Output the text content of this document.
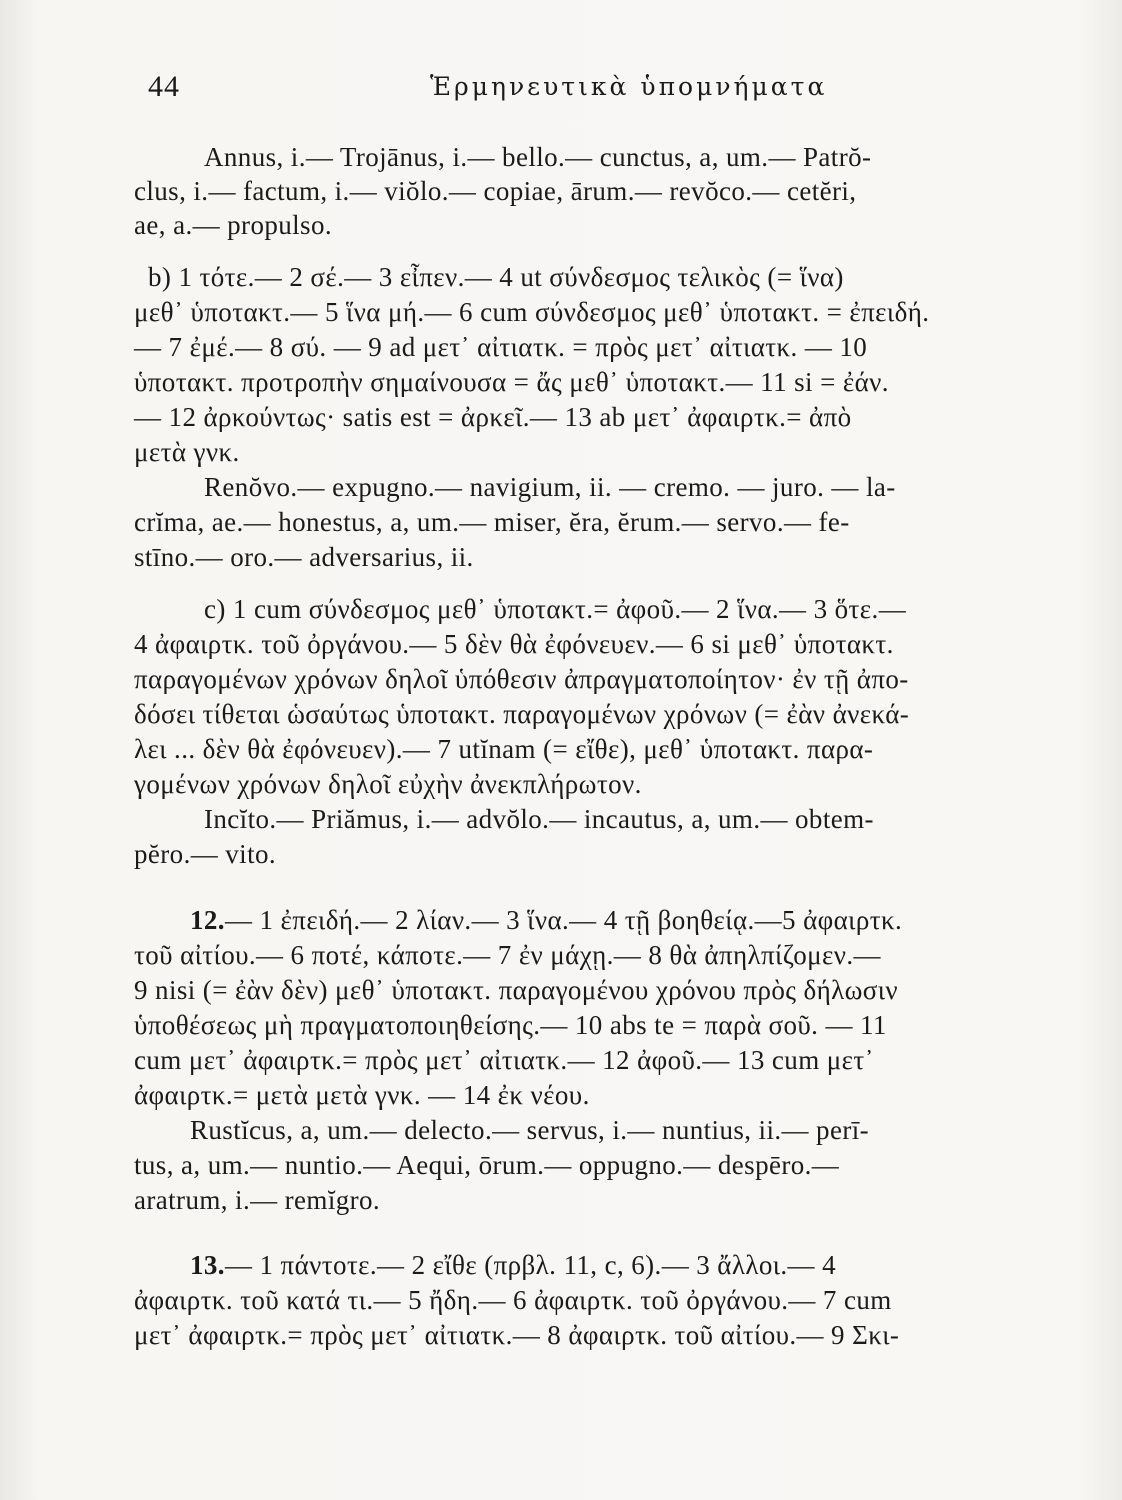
44	Ἑρμηνευτικὰ ὑπομνήματα
Annus, i.— Trojānus, i.— bello.— cunctus, a, um.— Patrŏ-
clus, i.— factum, i.— viŏlo.— copiae, ārum.— revŏco.— cetĕri,
ae, a.— propulso.
b) 1 τότε.— 2 σέ.— 3 εἶπεν.— 4 ut σύνδεσμος τελικὸς (= ἵνα)
μεθ᾽ ὑποτακτ.— 5 ἵνα μή.— 6 cum σύνδεσμος μεθ᾽ ὑποτακτ. = ἐπειδή.
— 7 ἐμέ.— 8 σύ. — 9 ad μετ᾽ αἰτιατκ. = πρὸς μετ᾽ αἰτιατκ. — 10
ὑποτακτ. προτροπὴν σημαίνουσα = ἄς μεθ᾽ ὑποτακτ.— 11 si = ἐάν.
— 12 ἀρκούντως· satis est = ἀρκεῖ.— 13 ab μετ᾽ ἀφαιρτκ.= ἀπὸ
μετὰ γνκ.
Renŏvo.— expugno.— navigium, ii. — cremo. — juro. — la-
crĭma, ae.— honestus, a, um.— miser, ĕra, ĕrum.— servo.— fe-
stīno.— oro.— adversarius, ii.
c) 1 cum σύνδεσμος μεθ᾽ ὑποτακτ.= ἀφοῦ.— 2 ἵνα.— 3 ὅτε.—
4 ἀφαιρτκ. τοῦ ὀργάνου.— 5 δὲν θὰ ἐφόνευεν.— 6 si μεθ᾽ ὑποτακτ.
παραγομένων χρόνων δηλοῖ ὑπόθεσιν ἀπραγματοποίητον· ἐν τῇ ἀπο-
δόσει τίθεται ὡσαύτως ὑποτακτ. παραγομένων χρόνων (= ἐὰν ἀνεκά-
λει ... δὲν θὰ ἐφόνευεν).— 7 utĭnam (= εἴθε), μεθ᾽ ὑποτακτ. παρα-
γομένων χρόνων δηλοῖ εὐχὴν ἀνεκπλήρωτον.
Incĭto.— Priămus, i.— advŏlo.— incautus, a, um.— obtem-
pĕro.— vito.
12.— 1 ἐπειδή.— 2 λίαν.— 3 ἵνα.— 4 τῇ βοηθείᾳ.—5 ἀφαιρτκ.
τοῦ αἰτίου.— 6 ποτέ, κάποτε.— 7 ἐν μάχῃ.— 8 θὰ ἀπηλπίζομεν.—
9 nisi (= ἐὰν δὲν) μεθ᾽ ὑποτακτ. παραγομένου χρόνου πρὸς δήλωσιν
ὑποθέσεως μὴ πραγματοποιηθείσης.— 10 abs te = παρὰ σοῦ. — 11
cum μετ᾽ ἀφαιρτκ.= πρὸς μετ᾽ αἰτιατκ.— 12 ἀφοῦ.— 13 cum μετ᾽
ἀφαιρτκ.= μετὰ μετὰ γνκ. — 14 ἐκ νέου.
Rustĭcus, a, um.— delecto.— servus, i.— nuntius, ii.— perī-
tus, a, um.— nuntio.— Aequi, ōrum.— oppugno.— despēro.—
aratrum, i.— remĭgro.
13.— 1 πάντοτε.— 2 εἴθε (πρβλ. 11, c, 6).— 3 ἄλλοι.— 4
ἀφαιρτκ. τοῦ κατά τι.— 5 ἤδη.— 6 ἀφαιρτκ. τοῦ ὀργάνου.— 7 cum
μετ᾽ ἀφαιρτκ.= πρὸς μετ᾽ αἰτιατκ.— 8 ἀφαιρτκ. τοῦ αἰτίου.— 9 Σκι-
